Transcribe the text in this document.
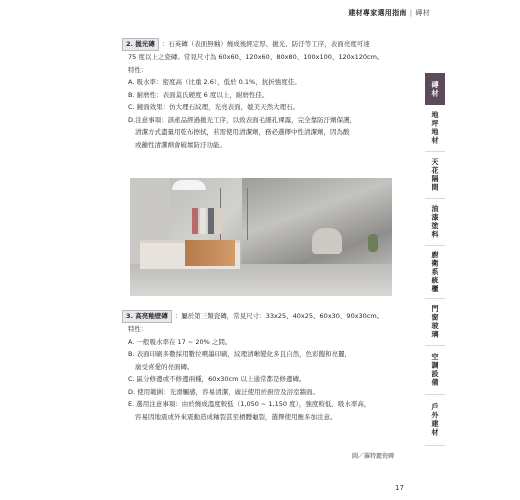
建材專家選用指南 | 磚材
磚材
地坪地材
天花隔間
油漆塗料
廚衛系統櫃
門窗玻璃
空調設備
戶外建材
2. 拋光磚	：石英磚（表面無釉）燒成後經定厚、拋光、防汙等工序，表面亮度可達
75 度以上之瓷磚。常見尺寸為 60x60、120x60、80x80、100x100、120x120cm。
特性：
A. 吸水率：密度高（比重 2.6），低於 0.1%，抗折強度佳。
B. 耐磨性：表面莫氏硬度 6 度以上，耐磨性佳。
C. 鏡面效果：仿大理石紋理，光亮表面，媲美天然大理石。
D.注意事項：該產品經過拋光工序，以致表面毛細孔裸露，完全靠防汙劑保護，
清潔方式盡量用乾布擦拭，若需使用清潔劑，務必選擇中性清潔劑，因為酸
或鹼性清潔劑會破壞防汙功能。
3. 高亮釉壁磚	：屬於第三類瓷磚，常見尺寸：33x25、40x25、60x30、90x30cm。
特性：
A. 一般吸水率在 17 ~ 20% 之間。
B. 表面印刷多數採用數位噴墨印刷，紋理清晰變化多且自然，色彩飽和亮麗，
廣受喜愛的亮面磚。
C. 區分修邊或不修邊兩種，60x30cm 以上通常都是修邊磚。
D. 使用範圍：光滑觸感，容易清潔，廣泛使用於廚房及浴室牆面。
E. 選用注意事項：由於燒成溫度較低（1,050 ~ 1,150 度），強度較低、吸水率高，
容易因地震或外來震動造成釉裂甚至槓體龜裂，選擇使用應多加注意。
圖／羅特麗瓷磚
17
